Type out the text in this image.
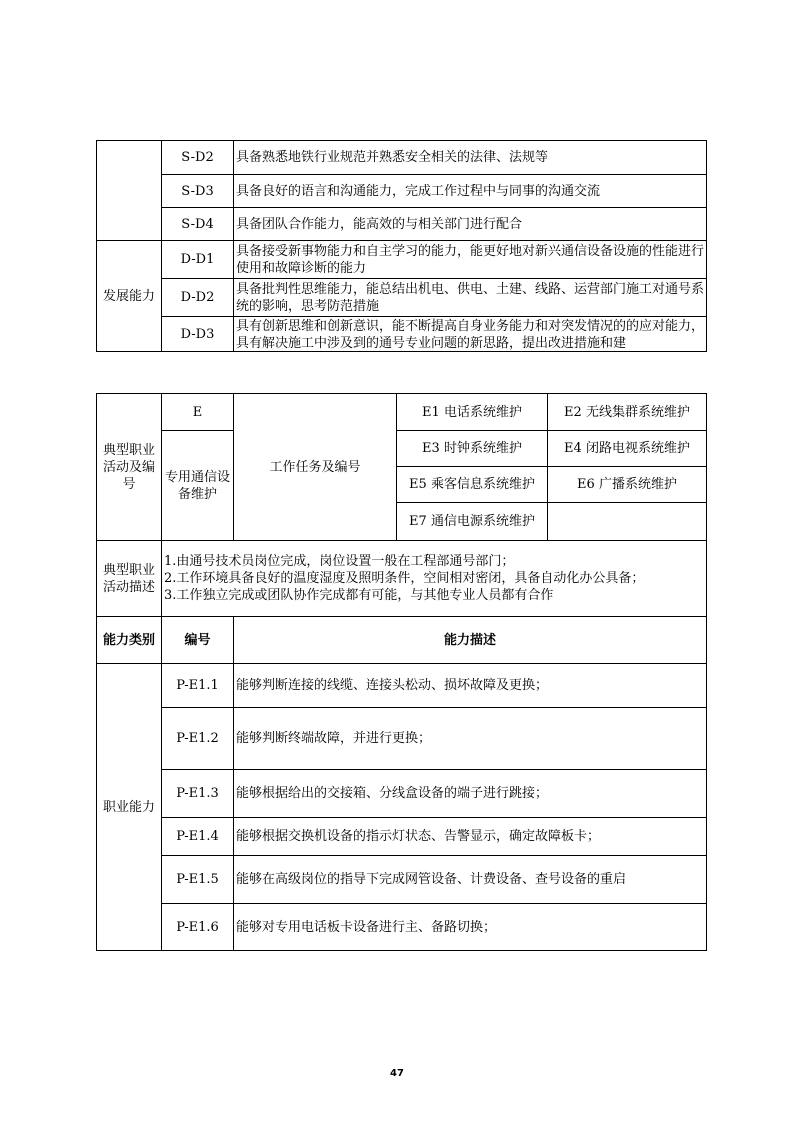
	S-D2	具备熟悉地铁行业规范并熟悉安全相关的法律、法规等
	S-D3	具备良好的语言和沟通能力，完成工作过程中与同事的沟通交流
	S-D4	具备团队合作能力，能高效的与相关部门进行配合
发展能力	D-D1	具备接受新事物能力和自主学习的能力，能更好地对新兴通信设备设施的性能进行使用和故障诊断的能力
	D-D2	具备批判性思维能力，能总结出机电、供电、土建、线路、运营部门施工对通号系统的影响，思考防范措施
	D-D3	具有创新思维和创新意识，能不断提高自身业务能力和对突发情况的的应对能力，具有解决施工中涉及到的通号专业问题的新思路，提出改进措施和建
典型职业活动及编号	E	工作任务及编号	E1 电话系统维护	E2 无线集群系统维护
	专用通信设备维护		E3 时钟系统维护	E4 闭路电视系统维护
			E5 乘客信息系统维护	E6 广播系统维护
			E7 通信电源系统维护	
典型职业活动描述	1.由通号技术员岗位完成，岗位设置一般在工程部通号部门；
2.工作环境具备良好的温度湿度及照明条件，空间相对密闭，具备自动化办公具备；
3.工作独立完成或团队协作完成都有可能，与其他专业人员都有合作			

能力类别	编号	能力描述		
职业能力	P-E1.1	能够判断连接的线缆、连接头松动、损坏故障及更换；		
	P-E1.2	能够判断终端故障，并进行更换；		
	P-E1.3	能够根据给出的交接箱、分线盒设备的端子进行跳接；		
	P-E1.4	能够根据交换机设备的指示灯状态、告警显示，确定故障板卡；		
	P-E1.5	能够在高级岗位的指导下完成网管设备、计费设备、查号设备的重启		
	P-E1.6	能够对专用电话板卡设备进行主、备路切换；		
47
